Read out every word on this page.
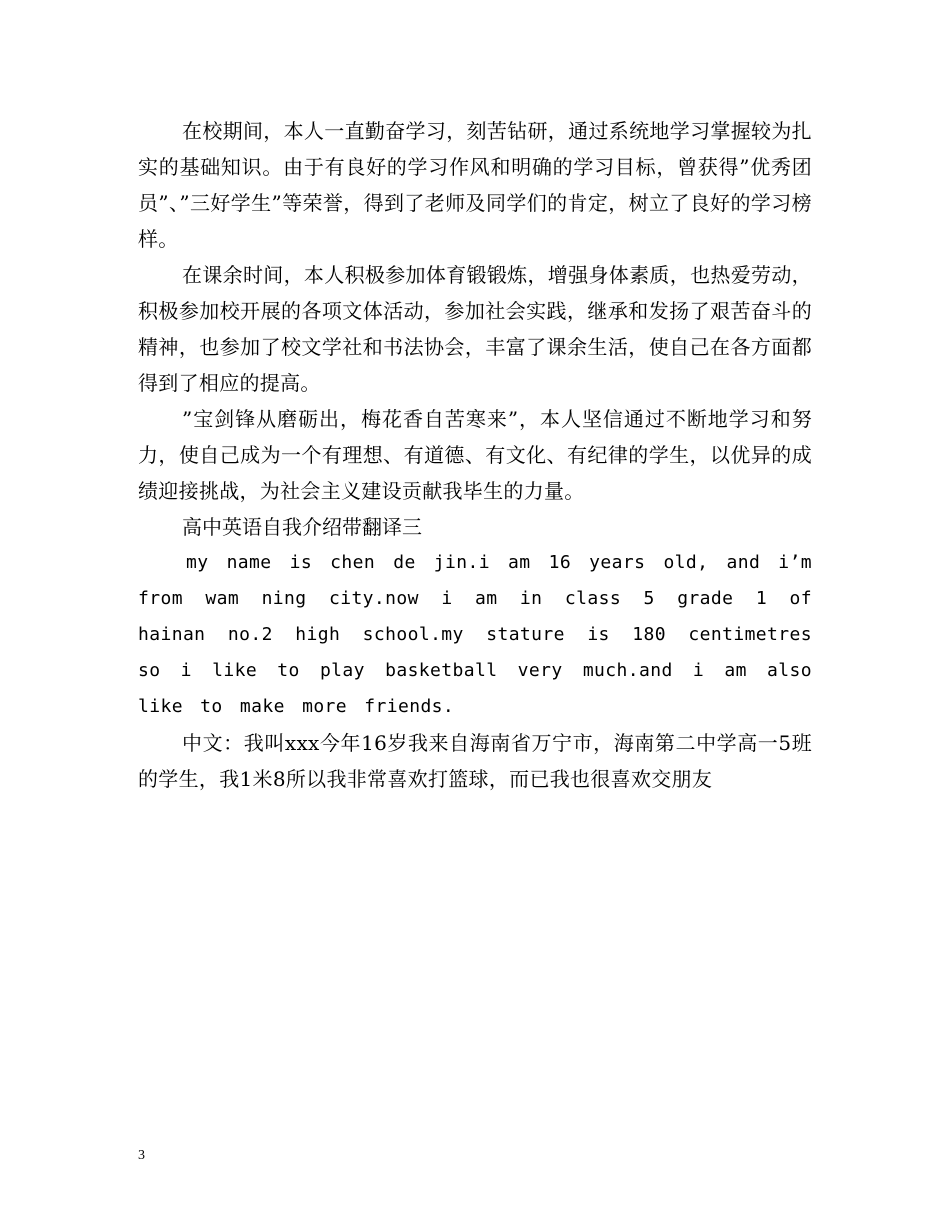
在校期间，本人一直勤奋学习，刻苦钻研，通过系统地学习掌握较为扎实的基础知识。由于有良好的学习作风和明确的学习目标，曾获得”优秀团员”、”三好学生”等荣誉，得到了老师及同学们的肯定，树立了良好的学习榜样。

在课余时间，本人积极参加体育锻锻炼，增强身体素质，也热爱劳动，积极参加校开展的各项文体活动，参加社会实践，继承和发扬了艰苦奋斗的精神，也参加了校文学社和书法协会，丰富了课余生活，使自己在各方面都得到了相应的提高。

”宝剑锋从磨砺出，梅花香自苦寒来”，本人坚信通过不断地学习和努力，使自己成为一个有理想、有道德、有文化、有纪律的学生，以优异的成绩迎接挑战，为社会主义建设贡献我毕生的力量。

高中英语自我介绍带翻译三

my name is chen de jin.i am 16 years old, and i’m from wam ning city.now i am in class 5 grade 1 of hainan no.2 high school.my stature is 180 centimetres so i like to play basketball very much.and i am also like to make more friends.

中文：我叫xxx今年16岁我来自海南省万宁市，海南第二中学高一5班的学生，我1米8所以我非常喜欢打篮球，而已我也很喜欢交朋友

3
